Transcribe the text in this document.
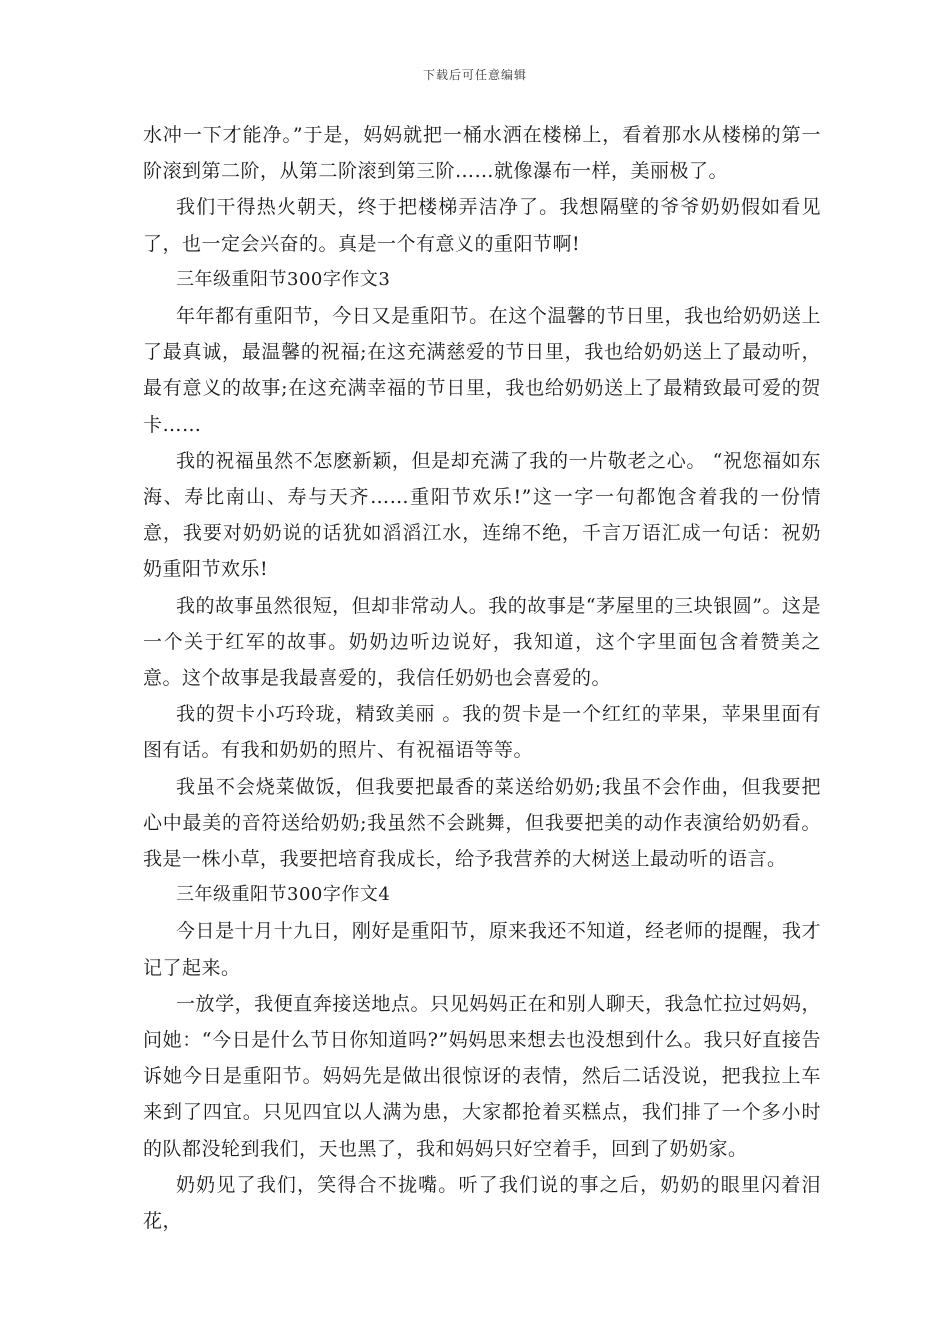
下载后可任意编辑

水冲一下才能净。”于是，妈妈就把一桶水洒在楼梯上，看着那水从楼梯的第一阶滚到第二阶，从第二阶滚到第三阶……就像瀑布一样，美丽极了。

我们干得热火朝天，终于把楼梯弄洁净了。我想隔壁的爷爷奶奶假如看见了，也一定会兴奋的。真是一个有意义的重阳节啊!

三年级重阳节300字作文3

年年都有重阳节，今日又是重阳节。在这个温馨的节日里，我也给奶奶送上了最真诚，最温馨的祝福;在这充满慈爱的节日里，我也给奶奶送上了最动听，最有意义的故事;在这充满幸福的节日里，我也给奶奶送上了最精致最可爱的贺卡……

我的祝福虽然不怎麽新颖，但是却充满了我的一片敬老之心。 “祝您福如东海、寿比南山、寿与天齐……重阳节欢乐!”这一字一句都饱含着我的一份情意，我要对奶奶说的话犹如滔滔江水，连绵不绝，千言万语汇成一句话：祝奶奶重阳节欢乐!

我的故事虽然很短，但却非常动人。我的故事是“茅屋里的三块银圆”。这是一个关于红军的故事。奶奶边听边说好，我知道，这个字里面包含着赞美之意。这个故事是我最喜爱的，我信任奶奶也会喜爱的。

我的贺卡小巧玲珑，精致美丽 。我的贺卡是一个红红的苹果，苹果里面有图有话。有我和奶奶的照片、有祝福语等等。

我虽不会烧菜做饭，但我要把最香的菜送给奶奶;我虽不会作曲，但我要把心中最美的音符送给奶奶;我虽然不会跳舞，但我要把美的动作表演给奶奶看。我是一株小草，我要把培育我成长，给予我营养的大树送上最动听的语言。

三年级重阳节300字作文4

今日是十月十九日，刚好是重阳节，原来我还不知道，经老师的提醒，我才记了起来。

一放学，我便直奔接送地点。只见妈妈正在和别人聊天，我急忙拉过妈妈，问她：“今日是什么节日你知道吗?”妈妈思来想去也没想到什么。我只好直接告诉她今日是重阳节。妈妈先是做出很惊讶的表情，然后二话没说，把我拉上车来到了四宜。只见四宜以人满为患，大家都抢着买糕点，我们排了一个多小时的队都没轮到我们，天也黑了，我和妈妈只好空着手，回到了奶奶家。

奶奶见了我们，笑得合不拢嘴。听了我们说的事之后，奶奶的眼里闪着泪花，
